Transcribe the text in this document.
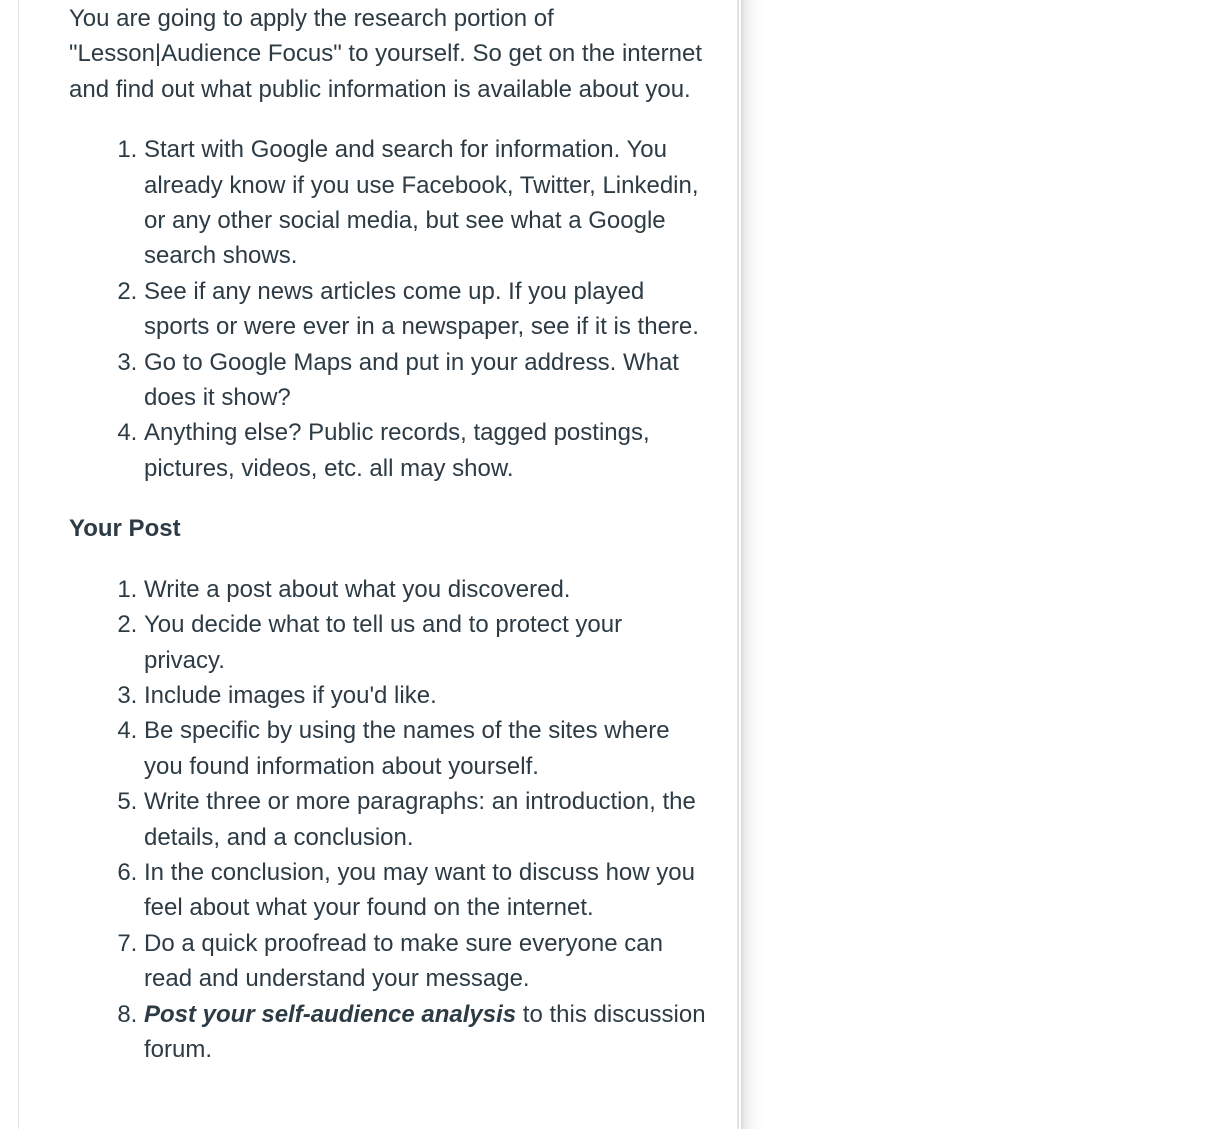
You are going to apply the research portion of "Lesson|Audience Focus" to yourself. So get on the internet and find out what public information is available about you.

1. Start with Google and search for information. You already know if you use Facebook, Twitter, Linkedin, or any other social media, but see what a Google search shows.
2. See if any news articles come up. If you played sports or were ever in a newspaper, see if it is there.
3. Go to Google Maps and put in your address. What does it show?
4. Anything else? Public records, tagged postings, pictures, videos, etc. all may show.

Your Post

1. Write a post about what you discovered.
2. You decide what to tell us and to protect your privacy.
3. Include images if you'd like.
4. Be specific by using the names of the sites where you found information about yourself.
5. Write three or more paragraphs: an introduction, the details, and a conclusion.
6. In the conclusion, you may want to discuss how you feel about what your found on the internet.
7. Do a quick proofread to make sure everyone can read and understand your message.
8. Post your self-audience analysis to this discussion forum.
